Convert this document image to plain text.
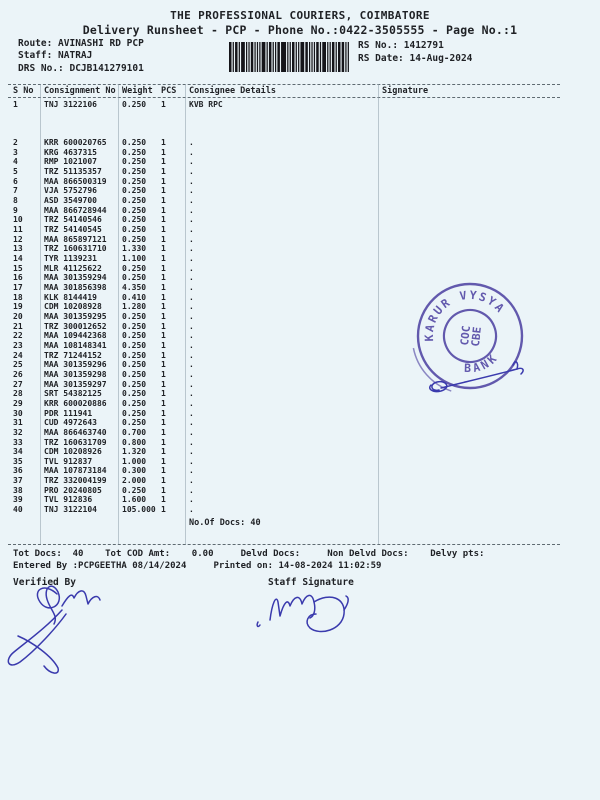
THE PROFESSIONAL COURIERS, COIMBATORE
Delivery Runsheet - PCP - Phone No.:0422-3505555 - Page No.:1
Route: AVINASHI RD PCP
Staff: NATRAJ
DRS No.: DCJB141279101
RS No.: 1412791
RS Date: 14-Aug-2024
S No	Consignment No Weight PCS	Consignee Details	Signature
1	TNJ 3122106	0.250	1	KVB RPC
2	KRR 600020765	0.250	1	.
3	KRG 4637315	0.250	1	.
4	RMP 1021007	0.250	1	.
5	TRZ 51135357	0.250	1	.
6	MAA 866500319	0.250	1	.
7	VJA 5752796	0.250	1	.
8	ASD 3549700	0.250	1	.
9	MAA 866728944	0.250	1	.
10	TRZ 54140546	0.250	1	.
11	TRZ 54140545	0.250	1	.
12	MAA 865897121	0.250	1	.
13	TRZ 160631710	1.330	1	.
14	TYR 1139231	1.100	1	.
15	MLR 41125622	0.250	1	.
16	MAA 301359294	0.250	1	.
17	MAA 301856398	4.350	1	.
18	KLK 8144419	0.410	1	.
19	CDM 10208928	1.280	1	.
20	MAA 301359295	0.250	1	.
21	TRZ 300012652	0.250	1	.
22	MAA 109442368	0.250	1	.
23	MAA 108148341	0.250	1	.
24	TRZ 71244152	0.250	1	.
25	MAA 301359296	0.250	1	.
26	MAA 301359298	0.250	1	.
27	MAA 301359297	0.250	1	.
28	SRT 54382125	0.250	1	.
29	KRR 600020886	0.250	1	.
30	PDR 111941	0.250	1	.
31	CUD 4972643	0.250	1	.
32	MAA 866463740	0.700	1	.
33	TRZ 160631709	0.800	1	.
34	CDM 10208926	1.320	1	.
35	TVL 912837	1.000	1	.
36	MAA 107873184	0.300	1	.
37	TRZ 332004199	2.000	1	.
38	PRO 20240805	0.250	1	.
39	TVL 912836	1.600	1	.
40	TNJ 3122104	105.000 1	.
No.Of Docs: 40
Tot Docs:  40    Tot COD Amt:    0.00     Delvd Docs:     Non Delvd Docs:    Delvy pts:
Entered By :PCPGEETHA 08/14/2024     Printed on: 14-08-2024 11:02:59
Verified By	Staff Signature
KARUR VYSYA
BANK
COC
CBE
